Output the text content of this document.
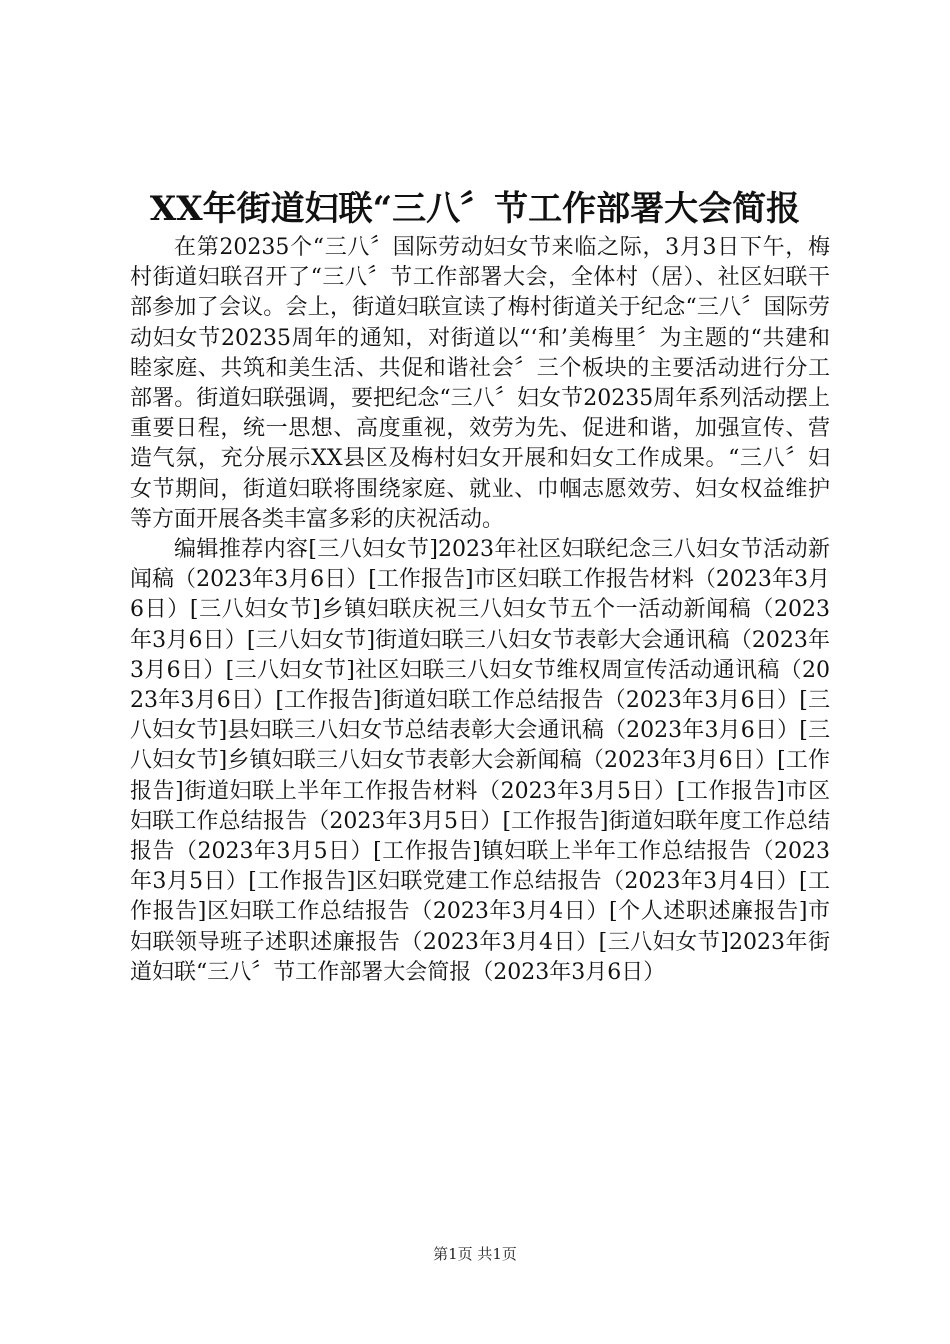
XX年街道妇联“三八〞节工作部署大会简报

在第20235个“三八〞国际劳动妇女节来临之际，3月3日下午，梅村街道妇联召开了“三八〞节工作部署大会，全体村（居）、社区妇联干部参加了会议。会上，街道妇联宣读了梅村街道关于纪念“三八〞国际劳动妇女节20235周年的通知，对街道以“‘和’美梅里〞为主题的“共建和睦家庭、共筑和美生活、共促和谐社会〞三个板块的主要活动进行分工部署。街道妇联强调，要把纪念“三八〞妇女节20235周年系列活动摆上重要日程，统一思想、高度重视，效劳为先、促进和谐，加强宣传、营造气氛，充分展示XX县区及梅村妇女开展和妇女工作成果。“三八〞妇女节期间，街道妇联将围绕家庭、就业、巾帼志愿效劳、妇女权益维护等方面开展各类丰富多彩的庆祝活动。

编辑推荐内容[三八妇女节]2023年社区妇联纪念三八妇女节活动新闻稿（2023年3月6日）[工作报告]市区妇联工作报告材料（2023年3月6日）[三八妇女节]乡镇妇联庆祝三八妇女节五个一活动新闻稿（2023年3月6日）[三八妇女节]街道妇联三八妇女节表彰大会通讯稿（2023年3月6日）[三八妇女节]社区妇联三八妇女节维权周宣传活动通讯稿（2023年3月6日）[工作报告]街道妇联工作总结报告（2023年3月6日）[三八妇女节]县妇联三八妇女节总结表彰大会通讯稿（2023年3月6日）[三八妇女节]乡镇妇联三八妇女节表彰大会新闻稿（2023年3月6日）[工作报告]街道妇联上半年工作报告材料（2023年3月5日）[工作报告]市区妇联工作总结报告（2023年3月5日）[工作报告]街道妇联年度工作总结报告（2023年3月5日）[工作报告]镇妇联上半年工作总结报告（2023年3月5日）[工作报告]区妇联党建工作总结报告（2023年3月4日）[工作报告]区妇联工作总结报告（2023年3月4日）[个人述职述廉报告]市妇联领导班子述职述廉报告（2023年3月4日）[三八妇女节]2023年街道妇联“三八〞节工作部署大会简报（2023年3月6日）

第1页 共1页
